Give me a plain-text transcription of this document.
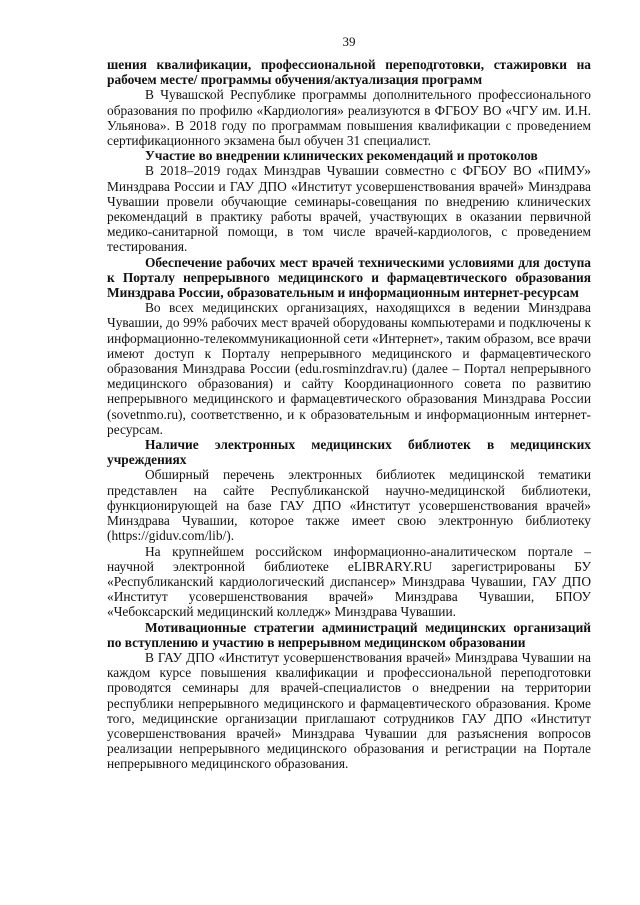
39

шения квалификации, профессиональной переподготовки, стажировки на рабочем месте/ программы обучения/актуализация программ

В Чувашской Республике программы дополнительного профессионального образования по профилю «Кардиология» реализуются в ФГБОУ ВО «ЧГУ им. И.Н. Ульянова». В 2018 году по программам повышения квалификации с проведением сертификационного экзамена был обучен 31 специалист.

Участие во внедрении клинических рекомендаций и протоколов

В 2018–2019 годах Минздрав Чувашии совместно с ФГБОУ ВО «ПИМУ» Минздрава России и ГАУ ДПО «Институт усовершенствования врачей» Минздрава Чувашии провели обучающие семинары-совещания по внедрению клинических рекомендаций в практику работы врачей, участвующих в оказании первичной медико-санитарной помощи, в том числе врачей-кардиологов, с проведением тестирования.

Обеспечение рабочих мест врачей техническими условиями для доступа к Порталу непрерывного медицинского и фармацевтического образования Минздрава России, образовательным и информационным интернет-ресурсам

Во всех медицинских организациях, находящихся в ведении Минздрава Чувашии, до 99% рабочих мест врачей оборудованы компьютерами и подключены к информационно-телекоммуникационной сети «Интернет», таким образом, все врачи имеют доступ к Порталу непрерывного медицинского и фармацевтического образования Минздрава России (edu.rosminzdrav.ru) (далее – Портал непрерывного медицинского образования) и сайту Координационного совета по развитию непрерывного медицинского и фармацевтического образования Минздрава России (sovetnmo.ru), соответственно, и к образовательным и информационным интернет-ресурсам.

Наличие электронных медицинских библиотек в медицинских учреждениях

Обширный перечень электронных библиотек медицинской тематики представлен на сайте Республиканской научно-медицинской библиотеки, функционирующей на базе ГАУ ДПО «Институт усовершенствования врачей» Минздрава Чувашии, которое также имеет свою электронную библиотеку (https://giduv.com/lib/).

На крупнейшем российском информационно-аналитическом портале – научной электронной библиотеке eLIBRARY.RU зарегистрированы БУ «Республиканский кардиологический диспансер» Минздрава Чувашии, ГАУ ДПО «Институт усовершенствования врачей» Минздрава Чувашии, БПОУ «Чебоксарский медицинский колледж» Минздрава Чувашии.

Мотивационные стратегии администраций медицинских организаций по вступлению и участию в непрерывном медицинском образовании

В ГАУ ДПО «Институт усовершенствования врачей» Минздрава Чувашии на каждом курсе повышения квалификации и профессиональной переподготовки проводятся семинары для врачей-специалистов о внедрении на территории республики непрерывного медицинского и фармацевтического образования. Кроме того, медицинские организации приглашают сотрудников ГАУ ДПО «Институт усовершенствования врачей» Минздрава Чувашии для разъяснения вопросов реализации непрерывного медицинского образования и регистрации на Портале непрерывного медицинского образования.
